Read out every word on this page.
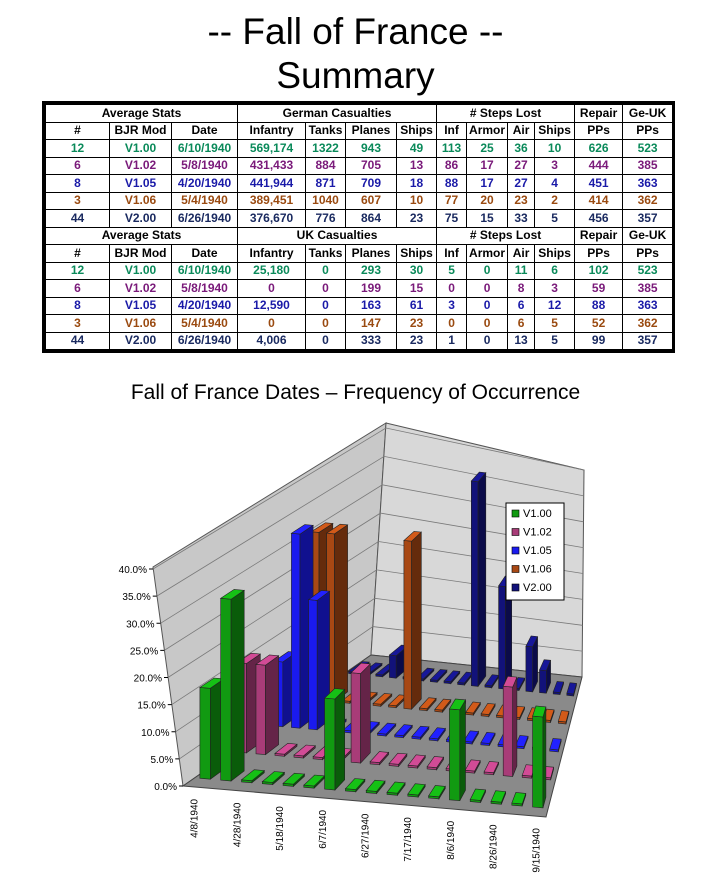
-- Fall of France --
Summary
Average Stats			German Casualties				# Steps Lost				Repair	Ge-UK
#	BJR Mod	Date	Infantry	Tanks	Planes	Ships	Inf	Armor	Air	Ships	PPs	PPs
12	V1.00	6/10/1940	569,174	1322	943	49	113	25	36	10	626	523
6	V1.02	5/8/1940	431,433	884	705	13	86	17	27	3	444	385
8	V1.05	4/20/1940	441,944	871	709	18	88	17	27	4	451	363
3	V1.06	5/4/1940	389,451	1040	607	10	77	20	23	2	414	362
44	V2.00	6/26/1940	376,670	776	864	23	75	15	33	5	456	357
Average Stats			UK Casualties				# Steps Lost				Repair	Ge-UK
#	BJR Mod	Date	Infantry	Tanks	Planes	Ships	Inf	Armor	Air	Ships	PPs	PPs
12	V1.00	6/10/1940	25,180	0	293	30	5	0	11	6	102	523
6	V1.02	5/8/1940	0	0	199	15	0	0	8	3	59	385
8	V1.05	4/20/1940	12,590	0	163	61	3	0	6	12	88	363
3	V1.06	5/4/1940	0	0	147	23	0	0	6	5	52	362
44	V2.00	6/26/1940	4,006	0	333	23	1	0	13	5	99	357
Fall of France Dates – Frequency of Occurrence
0.0%
5.0%
10.0%
15.0%
20.0%
25.0%
30.0%
35.0%
40.0%
4/8/1940	4/28/1940	5/18/1940	6/7/1940	6/27/1940	7/17/1940	8/6/1940	8/26/1940	9/15/1940
V1.00
V1.02
V1.05
V1.06
V2.00
